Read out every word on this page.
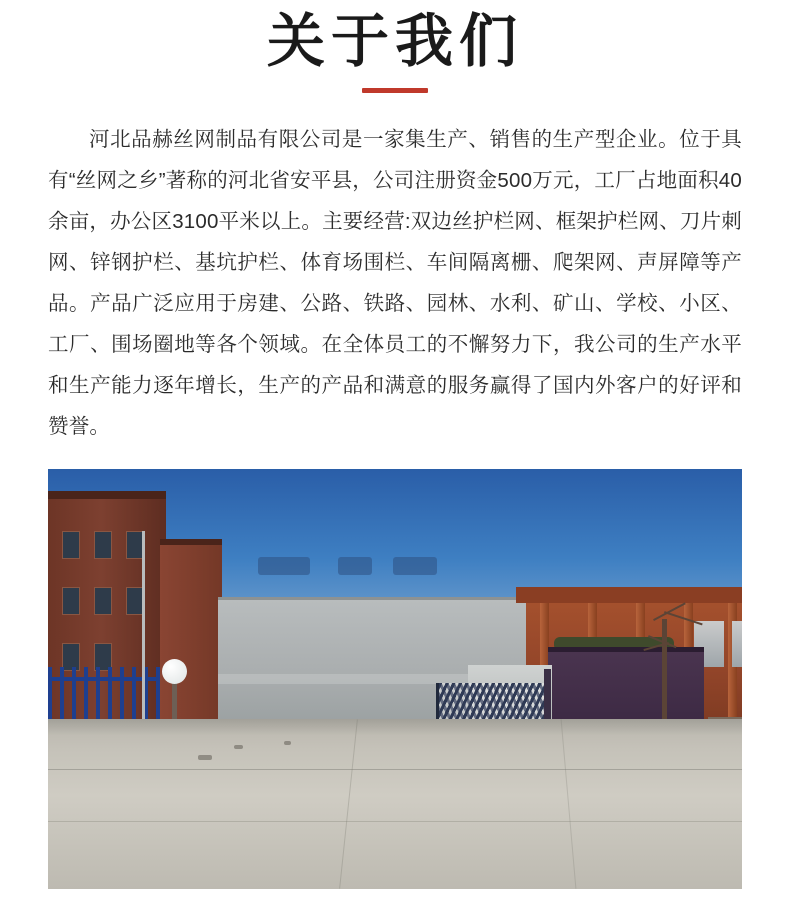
关于我们

河北品赫丝网制品有限公司是一家集生产、销售的生产型企业。位于具有“丝网之乡”著称的河北省安平县，公司注册资金500万元，工厂占地面积40余亩，办公区3100平米以上。主要经营:双边丝护栏网、框架护栏网、刀片刺网、锌钢护栏、基坑护栏、体育场围栏、车间隔离栅、爬架网、声屏障等产品。产品广泛应用于房建、公路、铁路、园林、水利、矿山、学校、小区、工厂、围场圈地等各个领域。在全体员工的不懈努力下，我公司的生产水平和生产能力逐年增长，生产的产品和满意的服务赢得了国内外客户的好评和赞誉。
